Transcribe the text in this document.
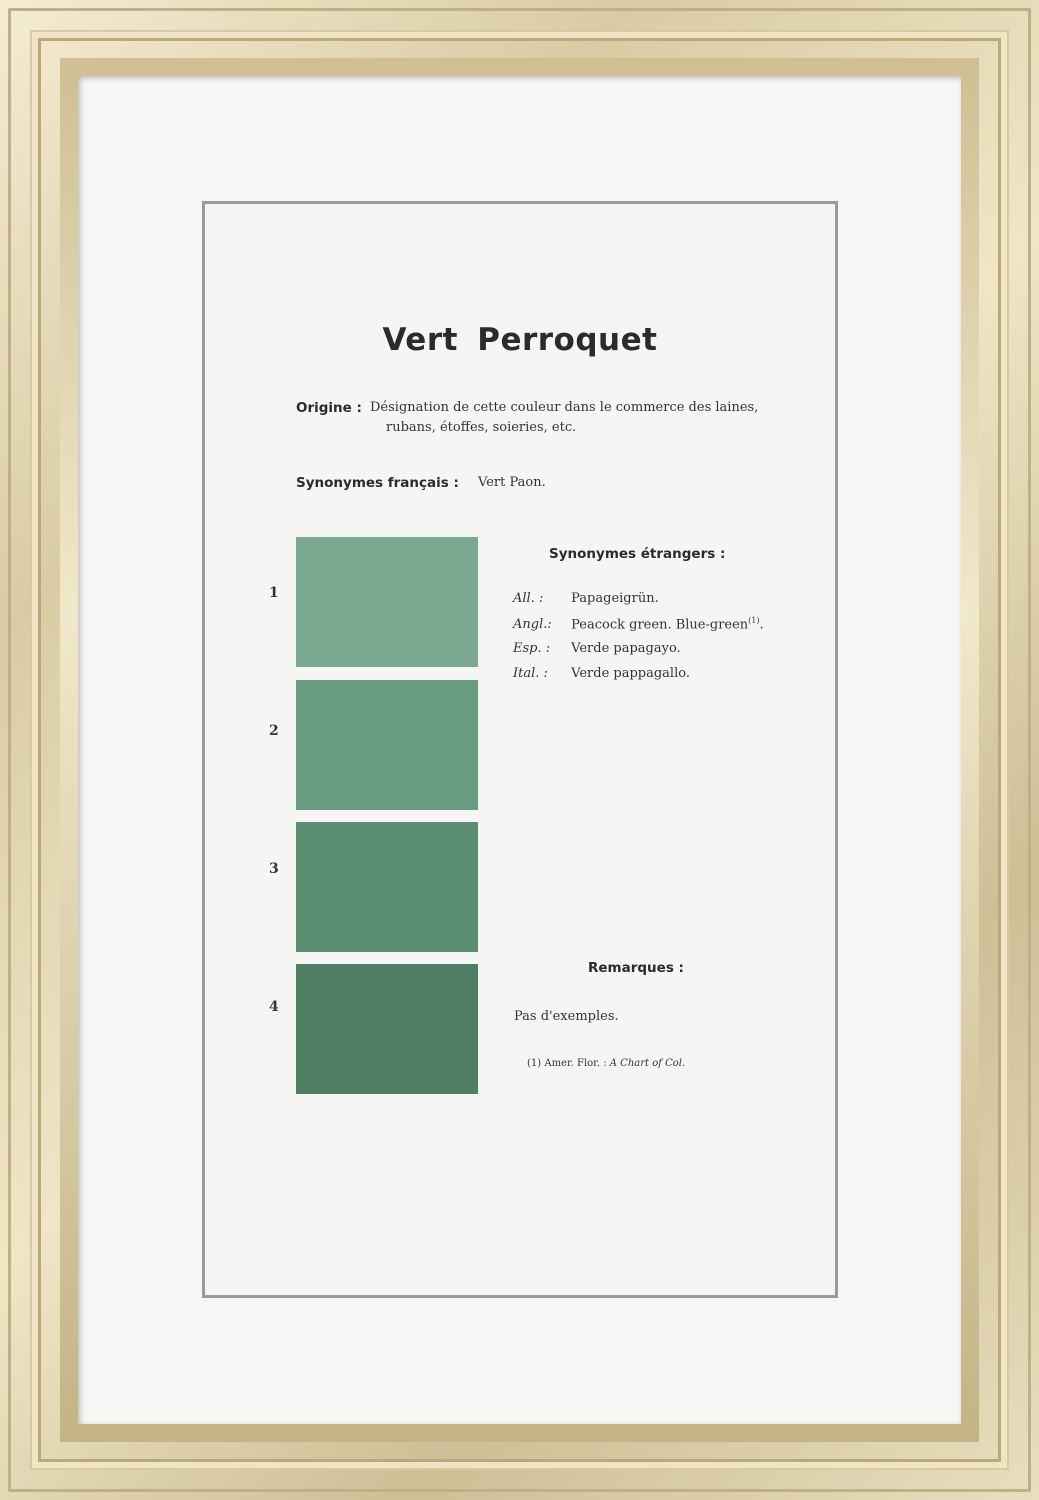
Vert Perroquet
Origine : Désignation de cette couleur dans le commerce des laines,
rubans, étoffes, soieries, etc.
Synonymes français : Vert Paon.
1
2
3
4
Synonymes étrangers :
All. : Papageigrün.
Angl.: Peacock green. Blue-green$^{(1)}$.
Esp. : Verde papagayo.
Ital. : Verde pappagallo.
Remarques :
Pas d'exemples.
(1) Amer. Flor. : A Chart of Col.
